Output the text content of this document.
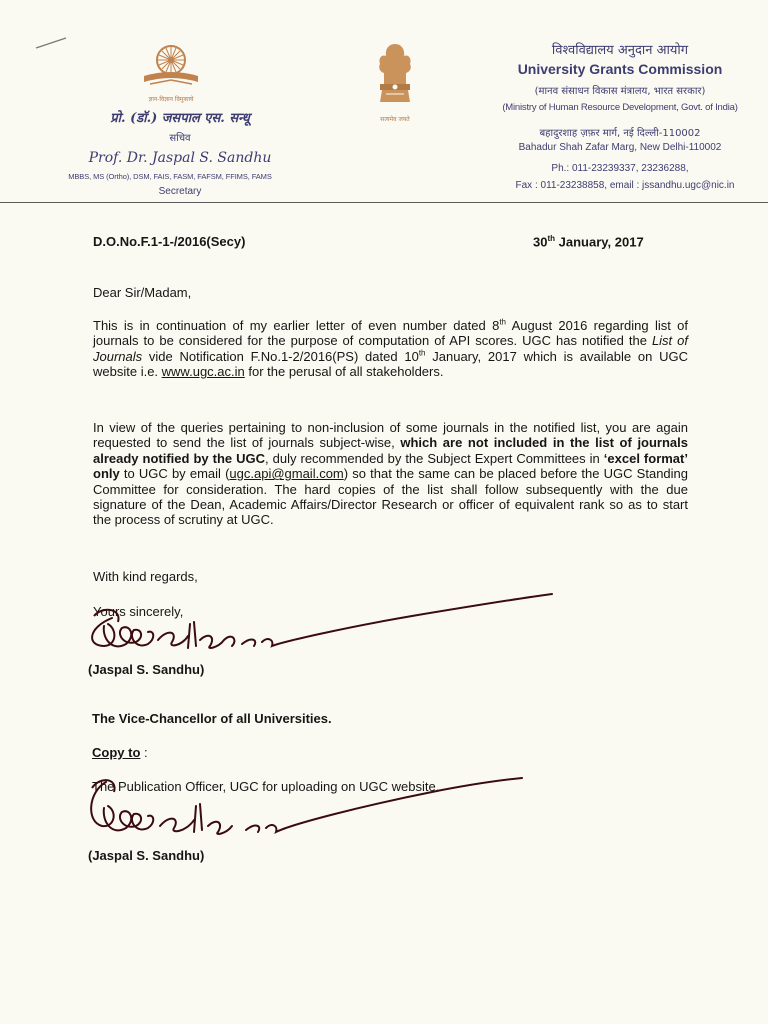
ज्ञान-विज्ञान विमुक्तये
सत्यमेव जयते
प्रो. (डॉ.) जसपाल एस. सन्धू
सचिव
Prof. Dr. Jaspal S. Sandhu
MBBS, MS (Ortho), DSM, FAIS, FASM, FAFSM, FFIMS, FAMS
Secretary
विश्वविद्यालय अनुदान आयोग
University Grants Commission
(मानव संसाधन विकास मंत्रालय, भारत सरकार)
(Ministry of Human Resource Development, Govt. of India)
बहादुरशाह ज़फ़र मार्ग, नई दिल्ली-110002
Bahadur Shah Zafar Marg, New Delhi-110002
Ph.: 011-23239337, 23236288,
Fax : 011-23238858, email : jssandhu.ugc@nic.in
D.O.No.F.1-1-/2016(Secy)	30th January, 2017
Dear Sir/Madam,
This is in continuation of my earlier letter of even number dated 8th August 2016 regarding list of journals to be considered for the purpose of computation of API scores. UGC has notified the List of Journals vide Notification F.No.1-2/2016(PS) dated 10th January, 2017 which is available on UGC website i.e. www.ugc.ac.in for the perusal of all stakeholders.
In view of the queries pertaining to non-inclusion of some journals in the notified list, you are again requested to send the list of journals subject-wise, which are not included in the list of journals already notified by the UGC, duly recommended by the Subject Expert Committees in ‘excel format’ only to UGC by email (ugc.api@gmail.com) so that the same can be placed before the UGC Standing Committee for consideration. The hard copies of the list shall follow subsequently with the due signature of the Dean, Academic Affairs/Director Research or officer of equivalent rank so as to start the process of scrutiny at UGC.
With kind regards,
Yours sincerely,
(Jaspal S. Sandhu)
The Vice-Chancellor of all Universities.
Copy to :
The Publication Officer, UGC for uploading on UGC website.
(Jaspal S. Sandhu)
